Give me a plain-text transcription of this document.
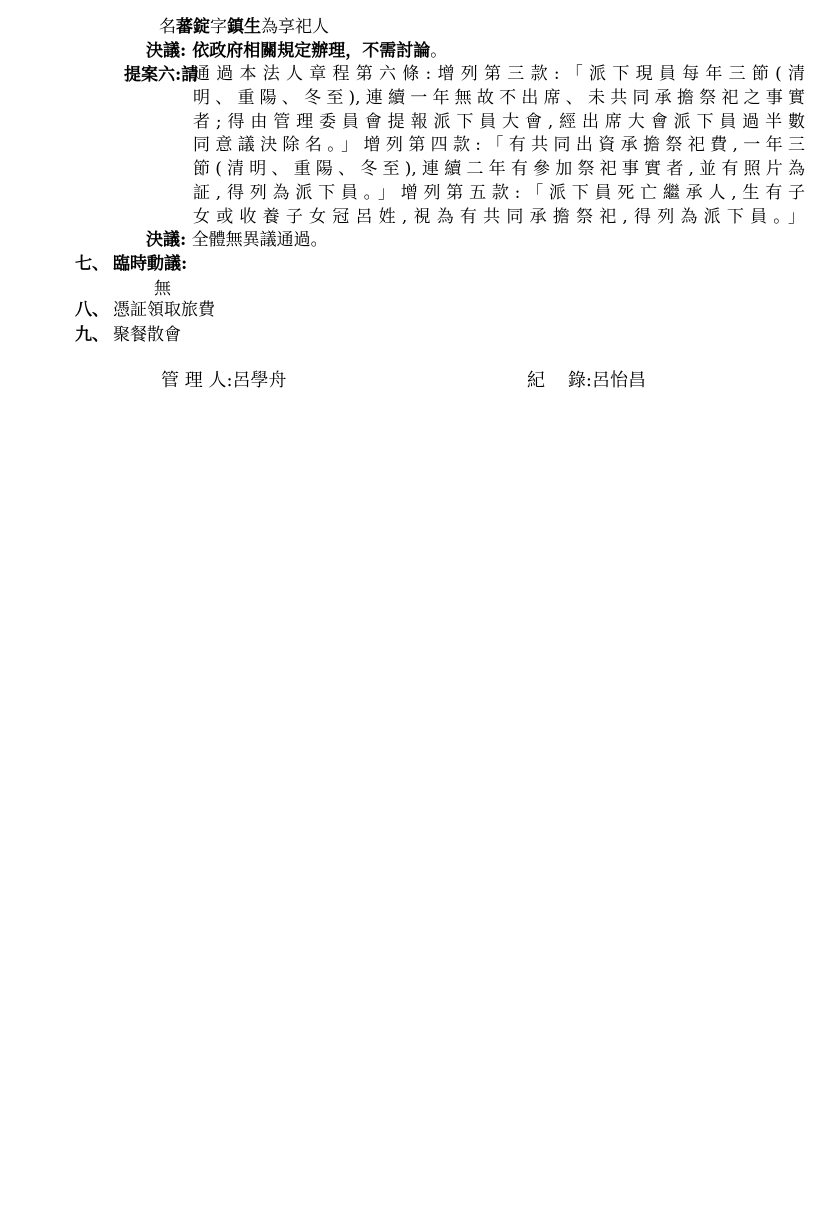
名蕃錠字鎮生為享祀人
決議: 依政府相關規定辦理，不需討論。
提案六:請
通過本法人章程第六條:增列第三款:「派下現員每年三節(清
明、重陽、冬至),連續一年無故不出席、未共同承擔祭祀之事實
者;得由管理委員會提報派下員大會,經出席大會派下員過半數
同意議決除名。」增列第四款:「有共同出資承擔祭祀費,一年三
節(清明、重陽、冬至),連續二年有參加祭祀事實者,並有照片為
証,得列為派下員。」增列第五款:「派下員死亡繼承人,生有子
女或收養子女冠呂姓,視為有共同承擔祭祀,得列為派下員。」
決議: 全體無異議通過。
七、 臨時動議:
無
八、 憑証領取旅費
九、 聚餐散會
管 理 人:呂學舟	紀    錄:呂怡昌
